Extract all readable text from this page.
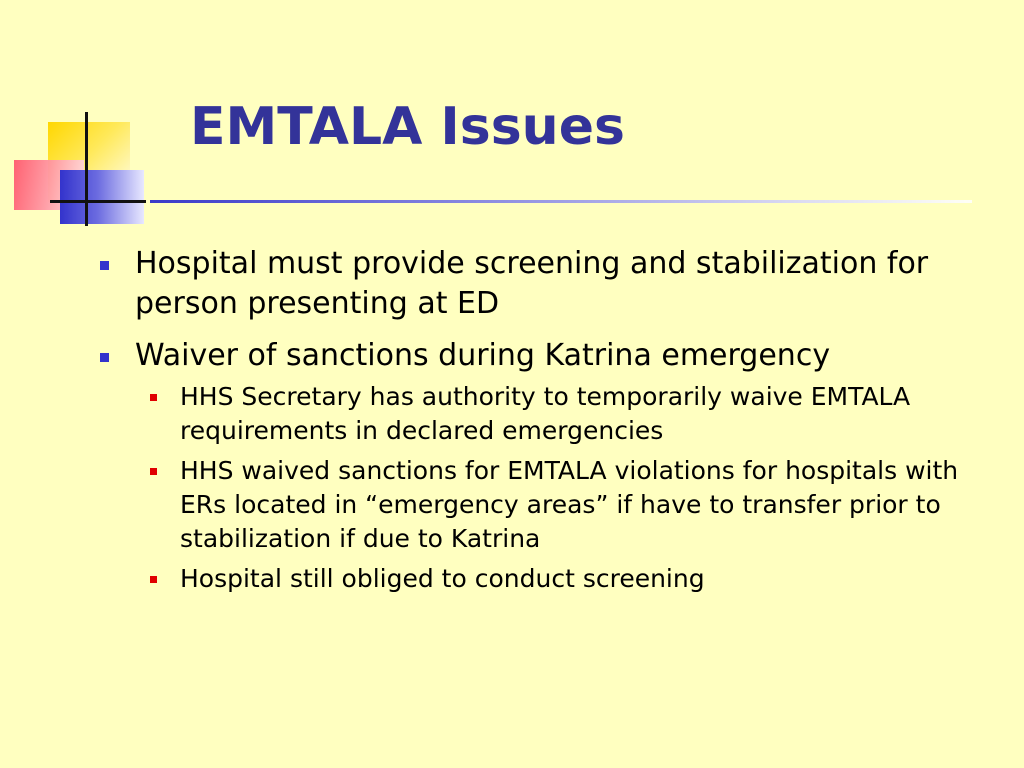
EMTALA Issues
Hospital must provide screening and stabilization for person presenting at ED
Waiver of sanctions during Katrina emergency
HHS Secretary has authority to temporarily waive EMTALA requirements in declared emergencies
HHS waived sanctions for EMTALA violations for hospitals with ERs located in “emergency areas” if have to transfer prior to stabilization if due to Katrina
Hospital still obliged to conduct screening
